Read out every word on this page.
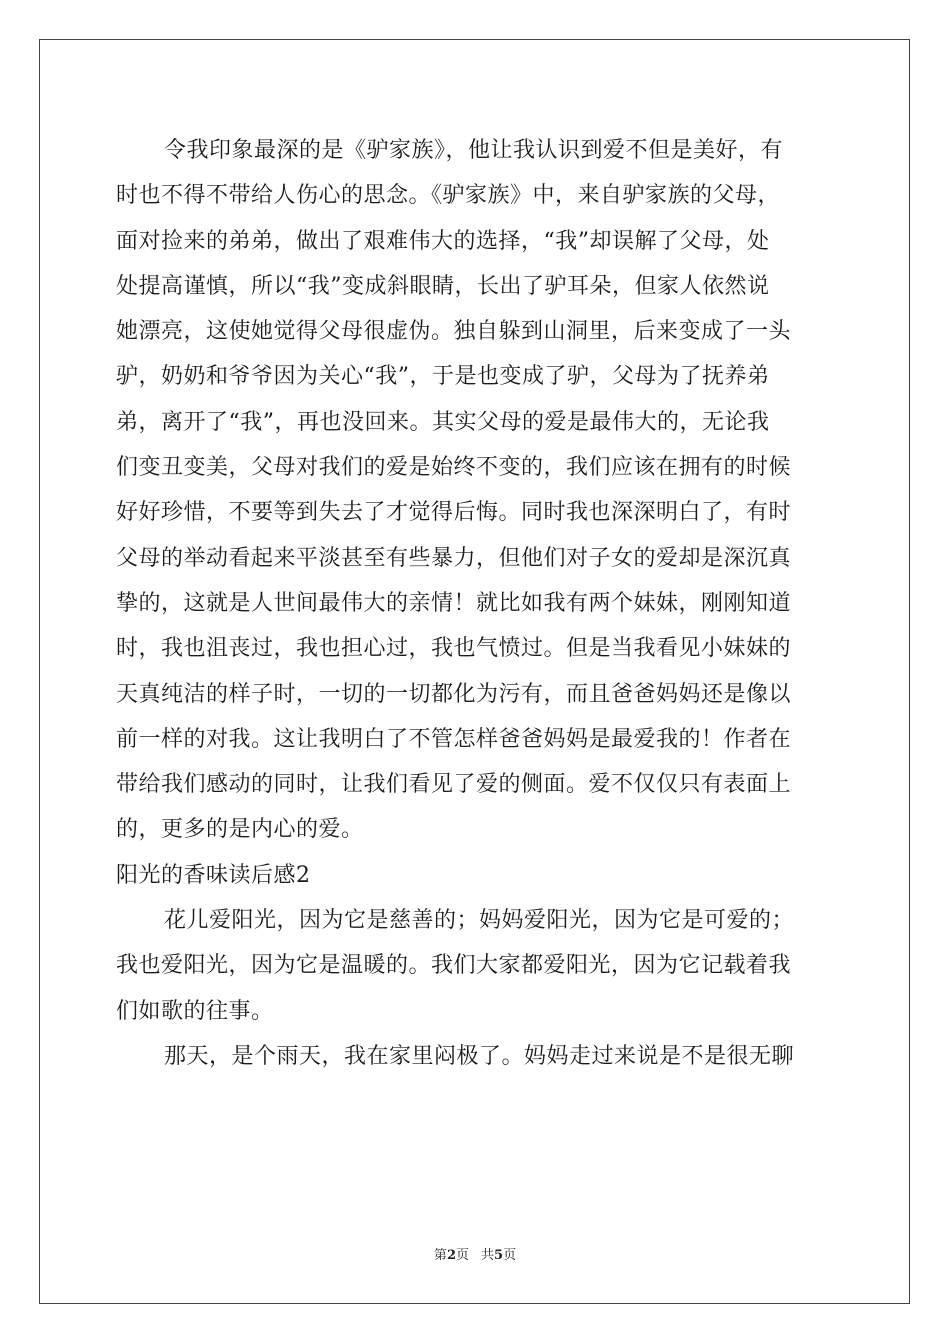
令我印象最深的是《驴家族》，他让我认识到爱不但是美好，有
时也不得不带给人伤心的思念。《驴家族》中，来自驴家族的父母，
面对捡来的弟弟，做出了艰难伟大的选择，“我”却误解了父母，处
处提高谨慎，所以“我”变成斜眼睛，长出了驴耳朵，但家人依然说
她漂亮，这使她觉得父母很虚伪。独自躲到山洞里，后来变成了一头
驴，奶奶和爷爷因为关心“我”，于是也变成了驴，父母为了抚养弟
弟，离开了“我”，再也没回来。其实父母的爱是最伟大的，无论我
们变丑变美，父母对我们的爱是始终不变的，我们应该在拥有的时候
好好珍惜，不要等到失去了才觉得后悔。同时我也深深明白了，有时
父母的举动看起来平淡甚至有些暴力，但他们对子女的爱却是深沉真
挚的，这就是人世间最伟大的亲情！就比如我有两个妹妹，刚刚知道
时，我也沮丧过，我也担心过，我也气愤过。但是当我看见小妹妹的
天真纯洁的样子时，一切的一切都化为污有，而且爸爸妈妈还是像以
前一样的对我。这让我明白了不管怎样爸爸妈妈是最爱我的！作者在
带给我们感动的同时，让我们看见了爱的侧面。爱不仅仅只有表面上
的，更多的是内心的爱。
阳光的香味读后感2
花儿爱阳光，因为它是慈善的；妈妈爱阳光，因为它是可爱的；
我也爱阳光，因为它是温暖的。我们大家都爱阳光，因为它记载着我
们如歌的往事。
那天，是个雨天，我在家里闷极了。妈妈走过来说是不是很无聊
第2页 共5页
